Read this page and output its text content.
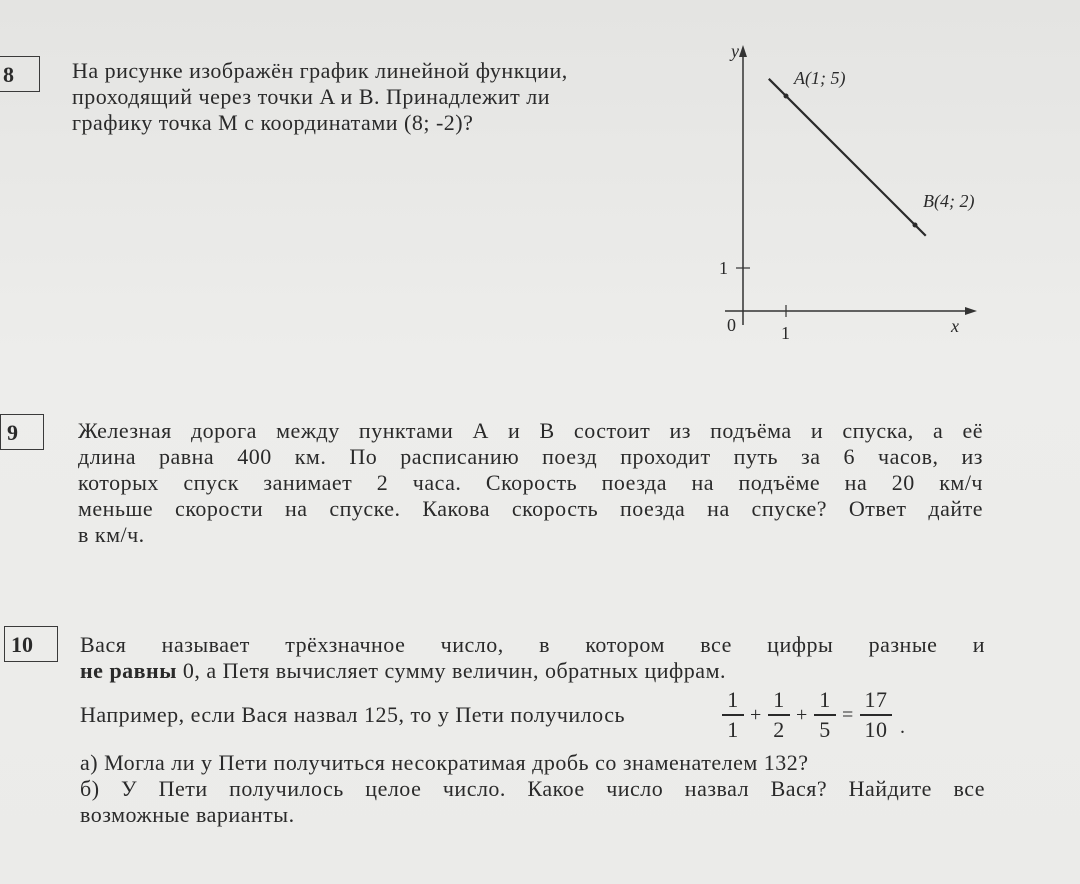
8	На рисунке изображён график линейной функции,
проходящий через точки A и B. Принадлежит ли
графику точка M с координатами (8; -2)?
y
x
0	1
1
A(1; 5)
B(4; 2)
9	Железная дорога между пунктами А и В состоит из подъёма и спуска, а её
длина равна 400 км. По расписанию поезд проходит путь за 6 часов, из
которых спуск занимает 2 часа. Скорость поезда на подъёме на 20 км/ч
меньше скорости на спуске. Какова скорость поезда на спуске? Ответ дайте
в км/ч.
10	Вася называет трёхзначное число, в котором все цифры разные и
не равны 0, а Петя вычисляет сумму величин, обратных цифрам.
Например, если Вася назвал 125, то у Пети получилось
1
1
+
1
2
+
1
5
=
17
10 .
а) Могла ли у Пети получиться несократимая дробь со знаменателем 132?
б) У Пети получилось целое число. Какое число назвал Вася? Найдите все
возможные варианты.
